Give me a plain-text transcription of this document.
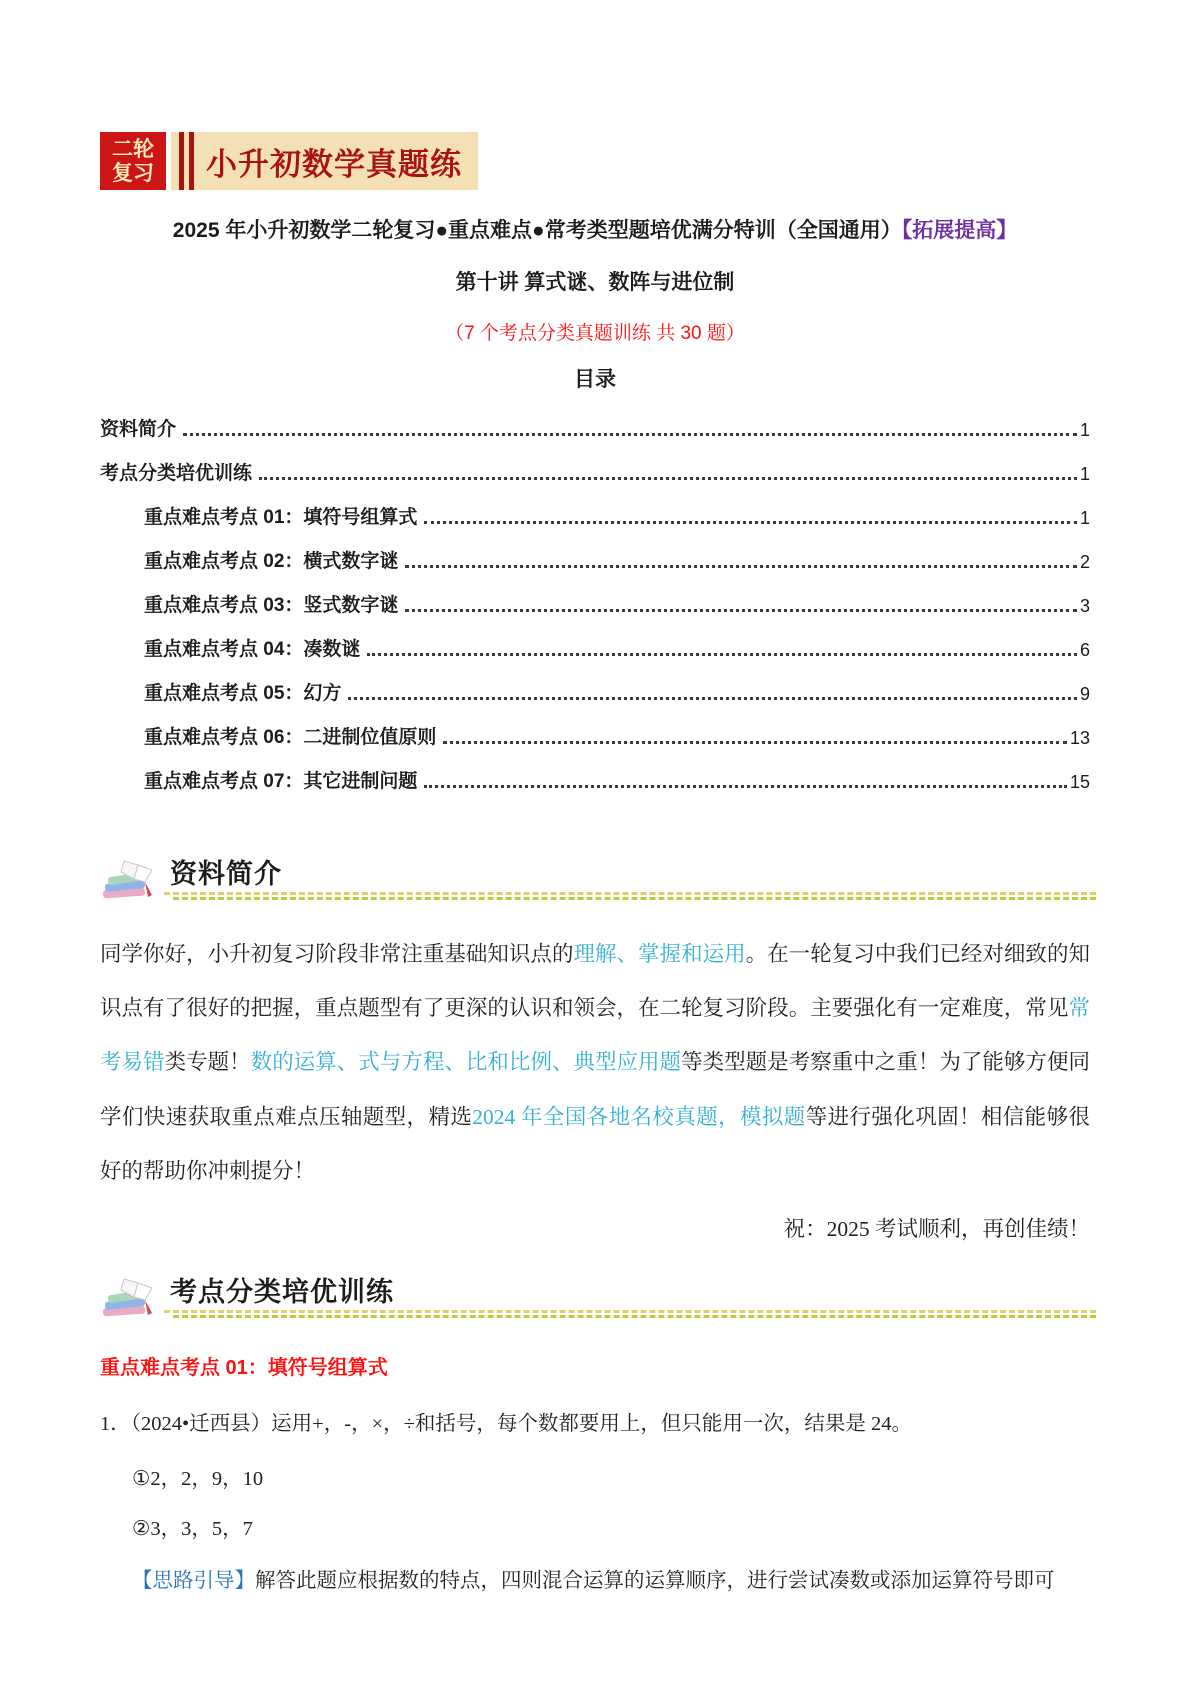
二轮
复习 小升初数学真题练
2025 年小升初数学二轮复习●重点难点●常考类型题培优满分特训（全国通用）【拓展提高】
第十讲 算式谜、数阵与进位制
（7 个考点分类真题训练 共 30 题）
目录
资料简介	1
考点分类培优训练	1
重点难点考点 01：填符号组算式	1
重点难点考点 02：横式数字谜	2
重点难点考点 03：竖式数字谜	3
重点难点考点 04：凑数谜	6
重点难点考点 05：幻方	9
重点难点考点 06：二进制位值原则	13
重点难点考点 07：其它进制问题	15
资料简介

同学你好，小升初复习阶段非常注重基础知识点的理解、掌握和运用。在一轮复习中我们已经对细致的知识点有了很好的把握，重点题型有了更深的认识和领会，在二轮复习阶段。主要强化有一定难度，常见常考易错类专题！数的运算、式与方程、比和比例、典型应用题等类型题是考察重中之重！为了能够方便同学们快速获取重点难点压轴题型，精选2024 年全国各地名校真题，模拟题等进行强化巩固！相信能够很好的帮助你冲刺提分！

祝：2025 考试顺利，再创佳绩！

考点分类培优训练
重点难点考点 01：填符号组算式

1．（2024•迁西县）运用+，-，×，÷和括号，每个数都要用上，但只能用一次，结果是 24。

①2，2，9，10

②3，3，5，7

【思路引导】解答此题应根据数的特点，四则混合运算的运算顺序，进行尝试凑数或添加运算符号即可
